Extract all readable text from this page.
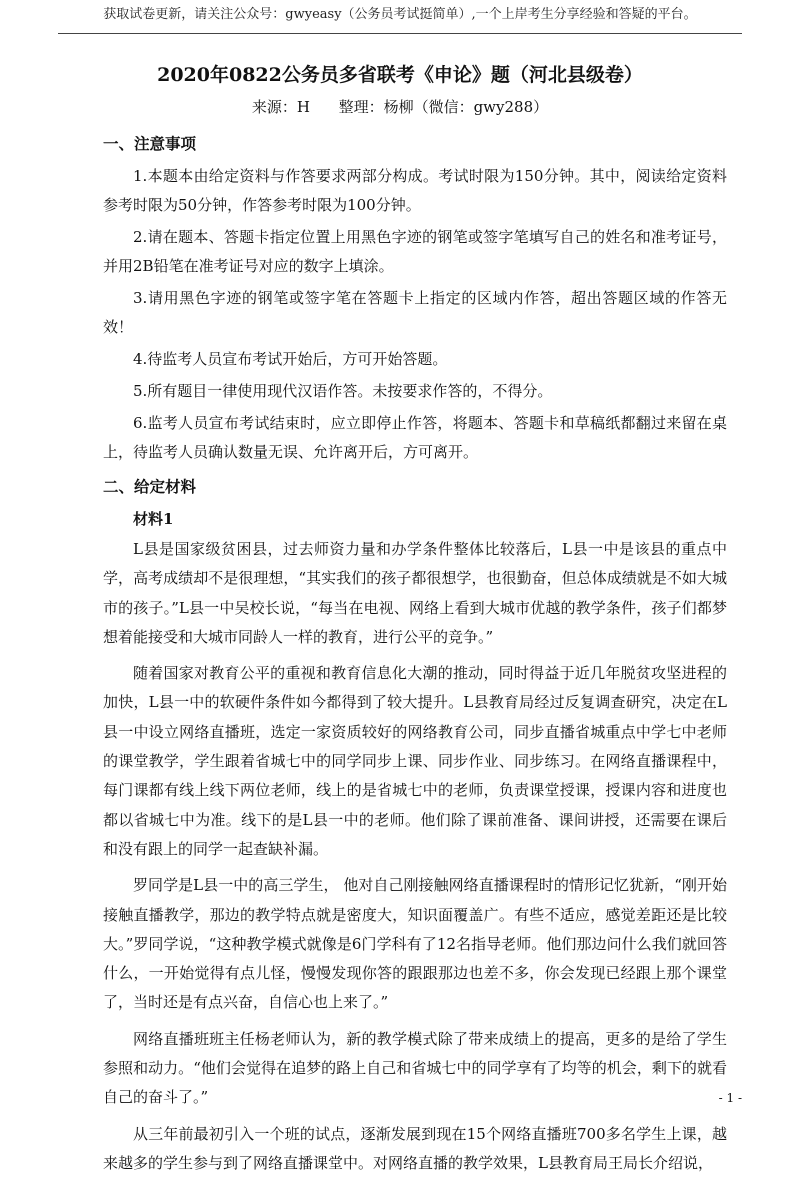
获取试卷更新，请关注公众号：gwyeasy（公务员考试挺简单）,一个上岸考生分享经验和答疑的平台。
2020年0822公务员多省联考《申论》题（河北县级卷）
来源：H      整理：杨柳（微信：gwy288）
一、注意事项

1.本题本由给定资料与作答要求两部分构成。考试时限为150分钟。其中，阅读给定资料参考时限为50分钟，作答参考时限为100分钟。

2.请在题本、答题卡指定位置上用黑色字迹的钢笔或签字笔填写自己的姓名和准考证号，并用2B铅笔在准考证号对应的数字上填涂。

3.请用黑色字迹的钢笔或签字笔在答题卡上指定的区域内作答，超出答题区域的作答无效！

4.待监考人员宣布考试开始后，方可开始答题。

5.所有题目一律使用现代汉语作答。未按要求作答的，不得分。

6.监考人员宣布考试结束时，应立即停止作答，将题本、答题卡和草稿纸都翻过来留在桌上，待监考人员确认数量无误、允许离开后，方可离开。

二、给定材料
材料1

L县是国家级贫困县，过去师资力量和办学条件整体比较落后，L县一中是该县的重点中学，高考成绩却不是很理想，“其实我们的孩子都很想学，也很勤奋，但总体成绩就是不如大城市的孩子。”L县一中吴校长说，“每当在电视、网络上看到大城市优越的教学条件，孩子们都梦想着能接受和大城市同龄人一样的教育，进行公平的竞争。”

随着国家对教育公平的重视和教育信息化大潮的推动，同时得益于近几年脱贫攻坚进程的加快，L县一中的软硬件条件如今都得到了较大提升。L县教育局经过反复调查研究，决定在L县一中设立网络直播班，选定一家资质较好的网络教育公司，同步直播省城重点中学七中老师的课堂教学，学生跟着省城七中的同学同步上课、同步作业、同步练习。在网络直播课程中，每门课都有线上线下两位老师，线上的是省城七中的老师，负责课堂授课，授课内容和进度也都以省城七中为准。线下的是L县一中的老师。他们除了课前准备、课间讲授，还需要在课后和没有跟上的同学一起查缺补漏。

罗同学是L县一中的高三学生， 他对自己刚接触网络直播课程时的情形记忆犹新，“刚开始接触直播教学，那边的教学特点就是密度大，知识面覆盖广。有些不适应，感觉差距还是比较大。”罗同学说，“这种教学模式就像是6门学科有了12名指导老师。他们那边问什么我们就回答什么，一开始觉得有点儿怪，慢慢发现你答的跟跟那边也差不多，你会发现已经跟上那个课堂了，当时还是有点兴奋，自信心也上来了。”

网络直播班班主任杨老师认为，新的教学模式除了带来成绩上的提高，更多的是给了学生参照和动力。“他们会觉得在追梦的路上自己和省城七中的同学享有了均等的机会，剩下的就看自己的奋斗了。”

从三年前最初引入一个班的试点，逐渐发展到现在15个网络直播班700多名学生上课，越来越多的学生参与到了网络直播课堂中。对网络直播的教学效果，L县教育局王局长介绍说，

- 1 -
